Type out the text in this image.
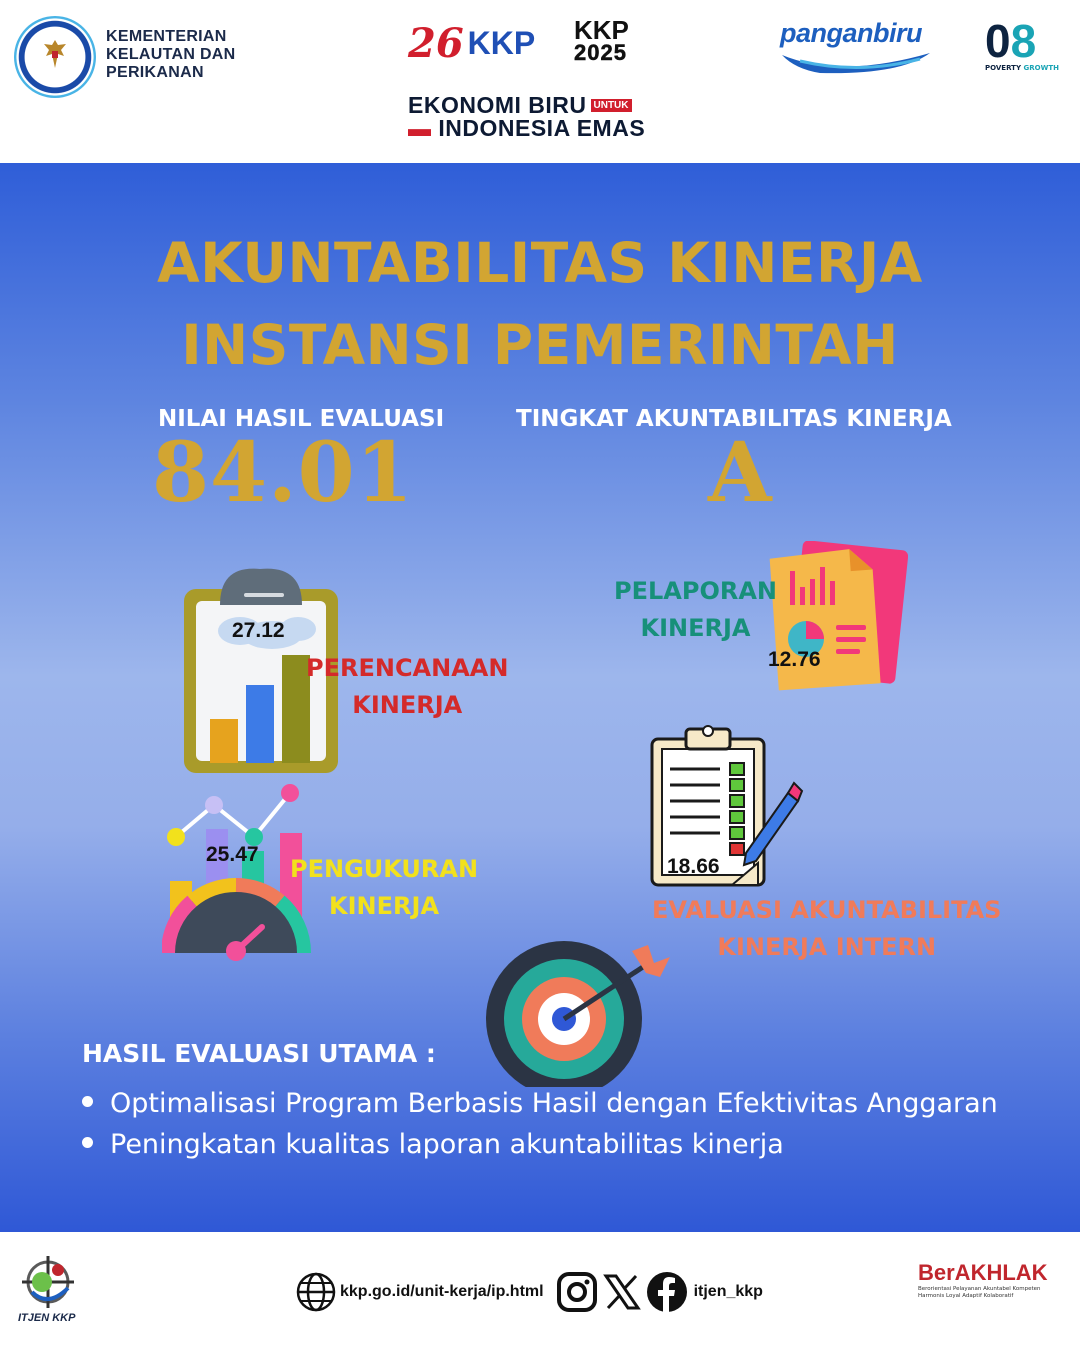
KEMENTERIAN
KELAUTAN DAN
PERIKANAN
26 KKP KKP
2025
panganbiru	08
POVERTY GROWTH
EKONOMI BIRU $^{UNTUK}$
▬ INDONESIA EMAS
AKUNTABILITAS KINERJA
INSTANSI PEMERINTAH
NILAI HASIL EVALUASI	TINGKAT AKUNTABILITAS KINERJA
84.01	A
27.12
PERENCANAAN
KINERJA
25.47
PENGUKURAN
KINERJA
12.76
PELAPORAN
KINERJA
18.66
EVALUASI AKUNTABILITAS
KINERJA INTERN
HASIL EVALUASI UTAMA :
Optimalisasi Program Berbasis Hasil dengan Efektivitas Anggaran
Peningkatan kualitas laporan akuntabilitas kinerja
ITJEN KKP
kkp.go.id/unit-kerja/ip.html	itjen_kkp
BerAKHLAK
Berorientasi Pelayanan Akuntabel Kompeten
Harmonis Loyal Adaptif Kolaboratif
